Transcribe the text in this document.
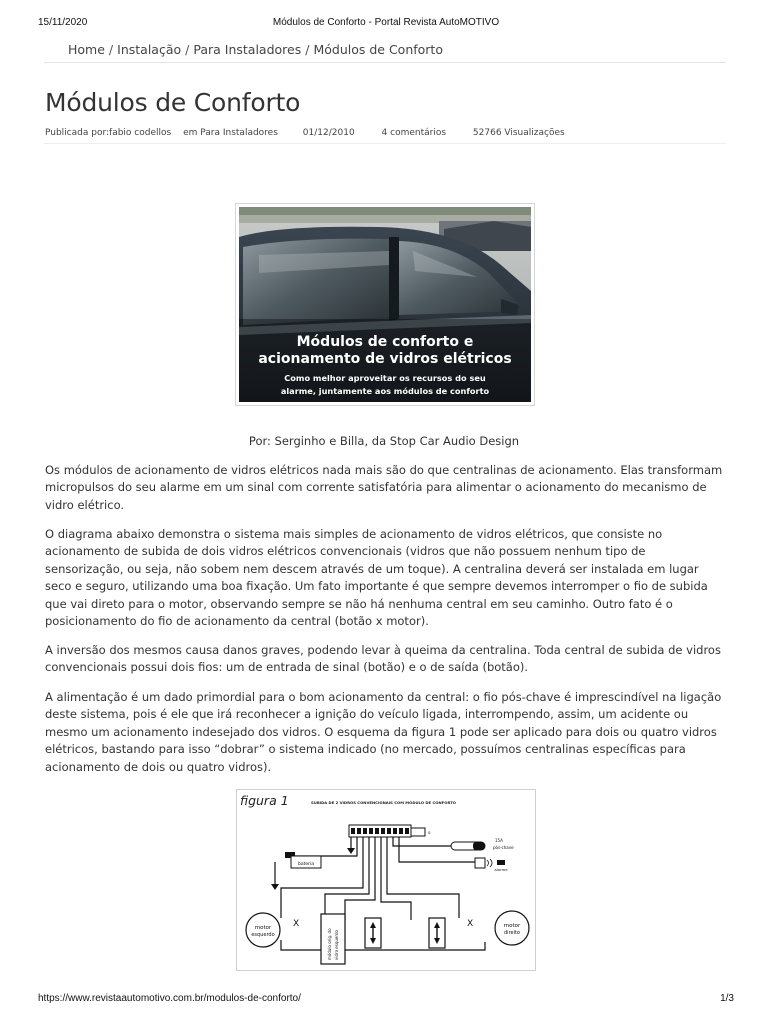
15/11/2020	Módulos de Conforto - Portal Revista AutoMOTIVO
Home / Instalação / Para Instaladores / Módulos de Conforto
Módulos de Conforto
Publicada por:fabio codellos em Para Instaladores	01/12/2010	4 comentários	52766 Visualizações
Módulos de conforto e
acionamento de vidros elétricos
Como melhor aproveitar os recursos do seu
alarme, juntamente aos módulos de conforto
Por: Serginho e Billa, da Stop Car Audio Design

Os módulos de acionamento de vidros elétricos nada mais são do que centralinas de acionamento. Elas transformam micropulsos do seu alarme em um sinal com corrente satisfatória para alimentar o acionamento do mecanismo de vidro elétrico.

O diagrama abaixo demonstra o sistema mais simples de acionamento de vidros elétricos, que consiste no acionamento de subida de dois vidros elétricos convencionais (vidros que não possuem nenhum tipo de sensorização, ou seja, não sobem nem descem através de um toque). A centralina deverá ser instalada em lugar seco e seguro, utilizando uma boa fixação. Um fato importante é que sempre devemos interromper o fio de subida que vai direto para o motor, observando sempre se não há nenhuma central em seu caminho. Outro fato é o posicionamento do fio de acionamento da central (botão x motor).

A inversão dos mesmos causa danos graves, podendo levar à queima da centralina. Toda central de subida de vidros convencionais possui dois fios: um de entrada de sinal (botão) e o de saída (botão).

A alimentação é um dado primordial para o bom acionamento da central: o fio pós-chave é imprescindível na ligação deste sistema, pois é ele que irá reconhecer a ignição do veículo ligada, interrompendo, assim, um acidente ou mesmo um acionamento indesejado dos vidros. O esquema da figura 1 pode ser aplicado para dois ou quatro vidros elétricos, bastando para isso “dobrar” o sistema indicado (no mercado, possuímos centralinas específicas para acionamento de dois ou quatro vidros).

figura 1	SUBIDA DE 2 VIDROS CONVENCIONAIS COM MÓDULO DE CONFORTO
o
bateria
15A
pós-chave
alarme
motor
esquerdo
X
módulo orig. do vidro esquerdo
X	motor
direito
https://www.revistaautomotivo.com.br/modulos-de-conforto/	1/3
